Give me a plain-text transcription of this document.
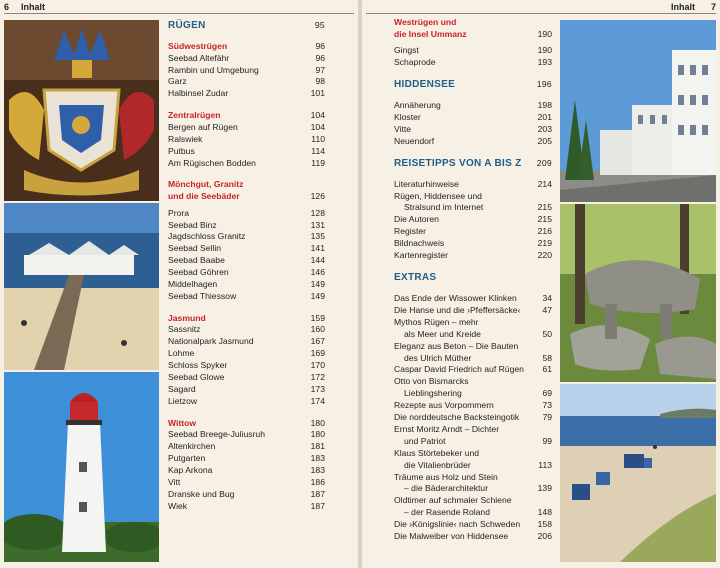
6 Inhalt
RÜGEN	95
Südwestrügen	96
Seebad Altefähr	96
Rambin und Umgebung	97
Garz	98
Halbinsel Zudar	101
Zentralrügen	104
Bergen auf Rügen	104
Ralswiek	110
Putbus	114
Am Rügischen Bodden	119
Mönchgut, Granitz
und die Seebäder	126
Prora	128
Seebad Binz	131
Jagdschloss Granitz	135
Seebad Sellin	141
Seebad Baabe	144
Seebad Göhren	146
Middelhagen	149
Seebad Thiessow	149
Jasmund	159
Sassnitz	160
Nationalpark Jasmund	167
Lohme	169
Schloss Spyker	170
Seebad Glowe	172
Sagard	173
Lietzow	174
Wittow	180
Seebad Breege-Juliusruh	180
Altenkirchen	181
Putgarten	183
Kap Arkona	183
Vitt	186
Dranske und Bug	187
Wiek	187
Inhalt 7
Westrügen und
die Insel Ummanz	190
Gingst	190
Schaprode	193
HIDDENSEE	196
Annäherung	198
Kloster	201
Vitte	203
Neuendorf	205
REISETIPPS VON A BIS Z 209
Literaturhinweise	214
Rügen, Hiddensee und
Stralsund im Internet	215
Die Autoren	215
Register	216
Bildnachweis	219
Kartenregister	220
EXTRAS
Das Ende der Wissower Klinken	34
Die Hanse und die ›Pfeffersäcke‹	47
Mythos Rügen – mehr
als Meer und Kreide	50
Eleganz aus Beton – Die Bauten
des Ulrich Müther	58
Caspar David Friedrich auf Rügen	61
Otto von Bismarcks
Lieblingshering	69
Rezepte aus Vorpommern	73
Die norddeutsche Backsteingotik	79
Ernst Moritz Arndt – Dichter
und Patriot	99
Klaus Störtebeker und
die Vitalienbrüder	113
Träume aus Holz und Stein
– die Bäderarchitektur	139
Oldtimer auf schmaler Schiene
– der Rasende Roland	148
Die ›Königslinie‹ nach Schweden	158
Die Malweiber von Hiddensee	206
